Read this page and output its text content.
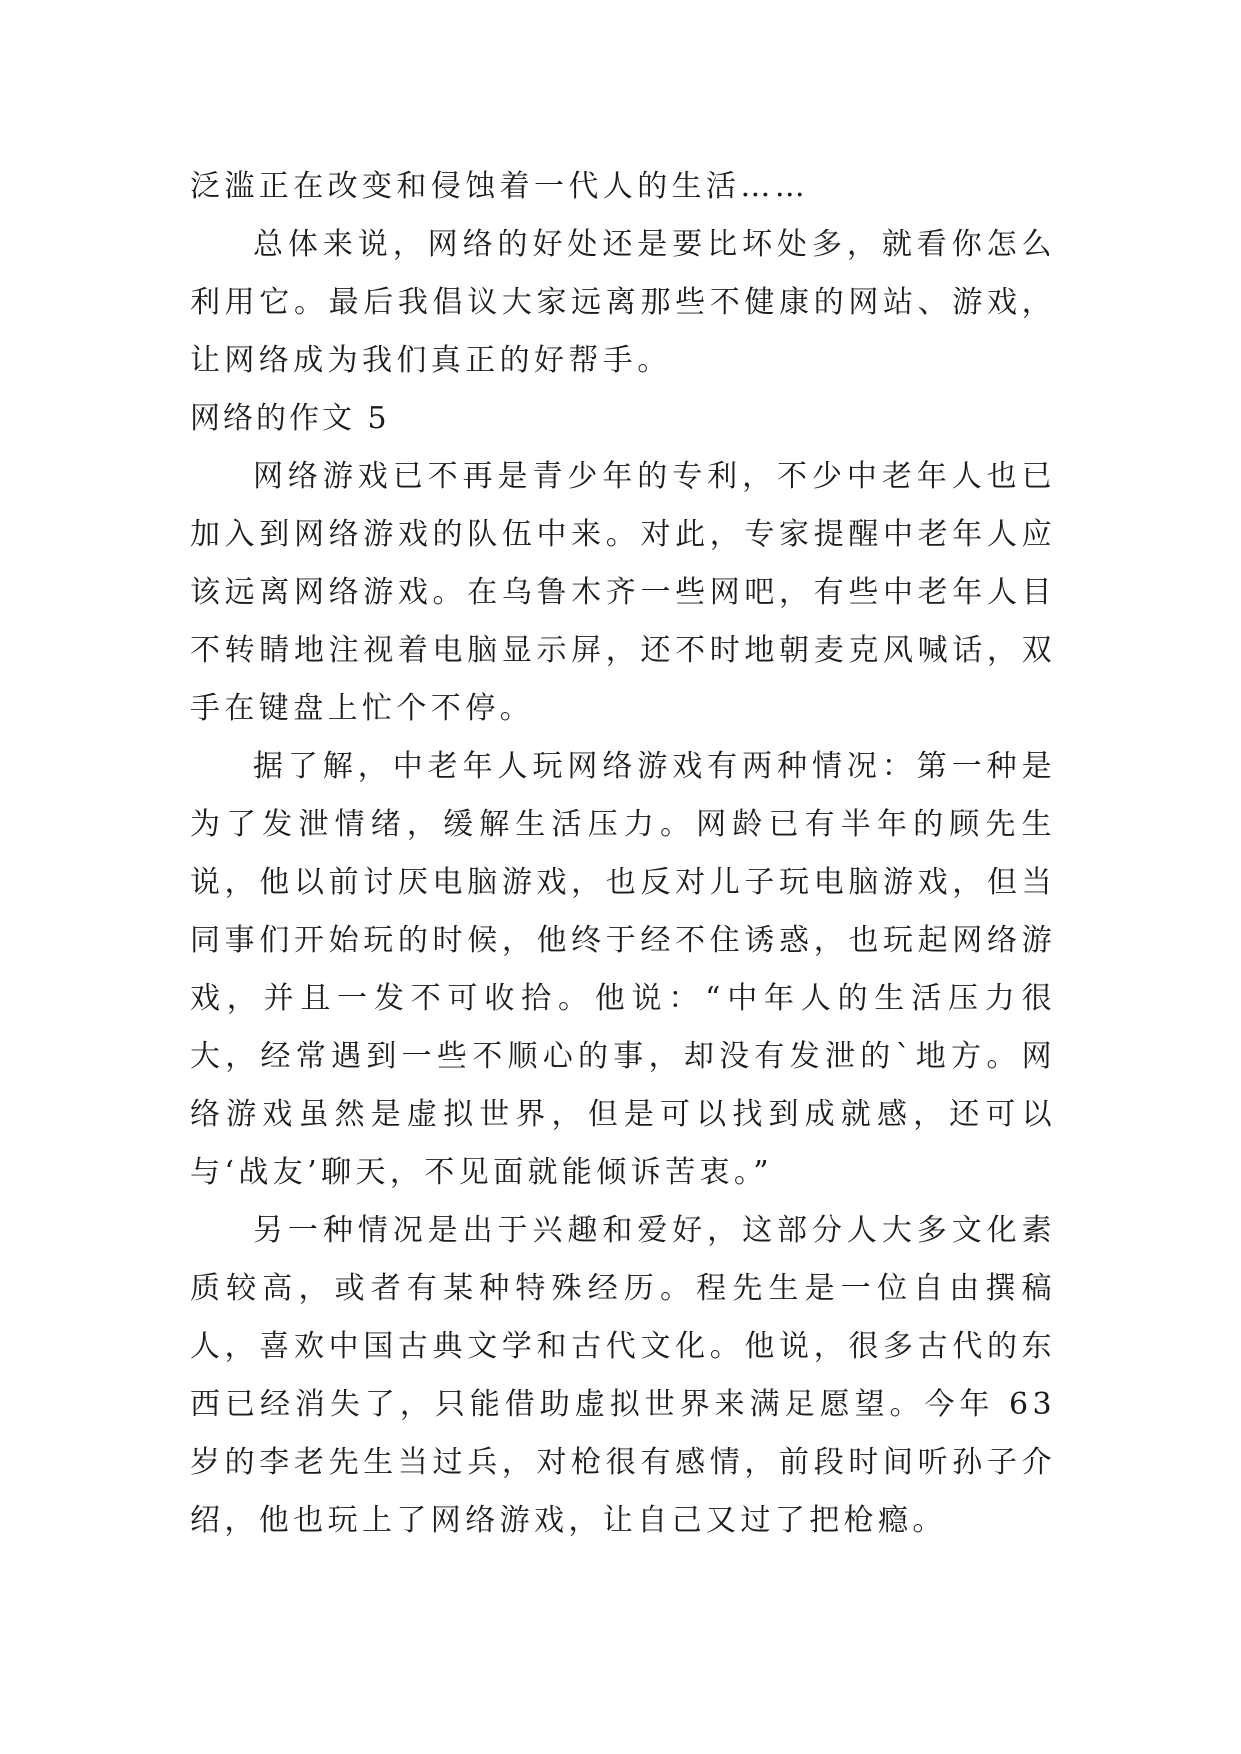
泛滥正在改变和侵蚀着一代人的生活……

总体来说，网络的好处还是要比坏处多，就看你怎么利用它。最后我倡议大家远离那些不健康的网站、游戏，让网络成为我们真正的好帮手。

网络的作文 5

网络游戏已不再是青少年的专利，不少中老年人也已加入到网络游戏的队伍中来。对此，专家提醒中老年人应该远离网络游戏。在乌鲁木齐一些网吧，有些中老年人目不转睛地注视着电脑显示屏，还不时地朝麦克风喊话，双手在键盘上忙个不停。

据了解，中老年人玩网络游戏有两种情况：第一种是为了发泄情绪，缓解生活压力。网龄已有半年的顾先生说，他以前讨厌电脑游戏，也反对儿子玩电脑游戏，但当同事们开始玩的时候，他终于经不住诱惑，也玩起网络游戏，并且一发不可收拾。他说：“中年人的生活压力很大，经常遇到一些不顺心的事，却没有发泄的`地方。网络游戏虽然是虚拟世界，但是可以找到成就感，还可以与‘战友’聊天，不见面就能倾诉苦衷。”

另一种情况是出于兴趣和爱好，这部分人大多文化素质较高，或者有某种特殊经历。程先生是一位自由撰稿人，喜欢中国古典文学和古代文化。他说，很多古代的东西已经消失了，只能借助虚拟世界来满足愿望。今年 63 岁的李老先生当过兵，对枪很有感情，前段时间听孙子介绍，他也玩上了网络游戏，让自己又过了把枪瘾。
